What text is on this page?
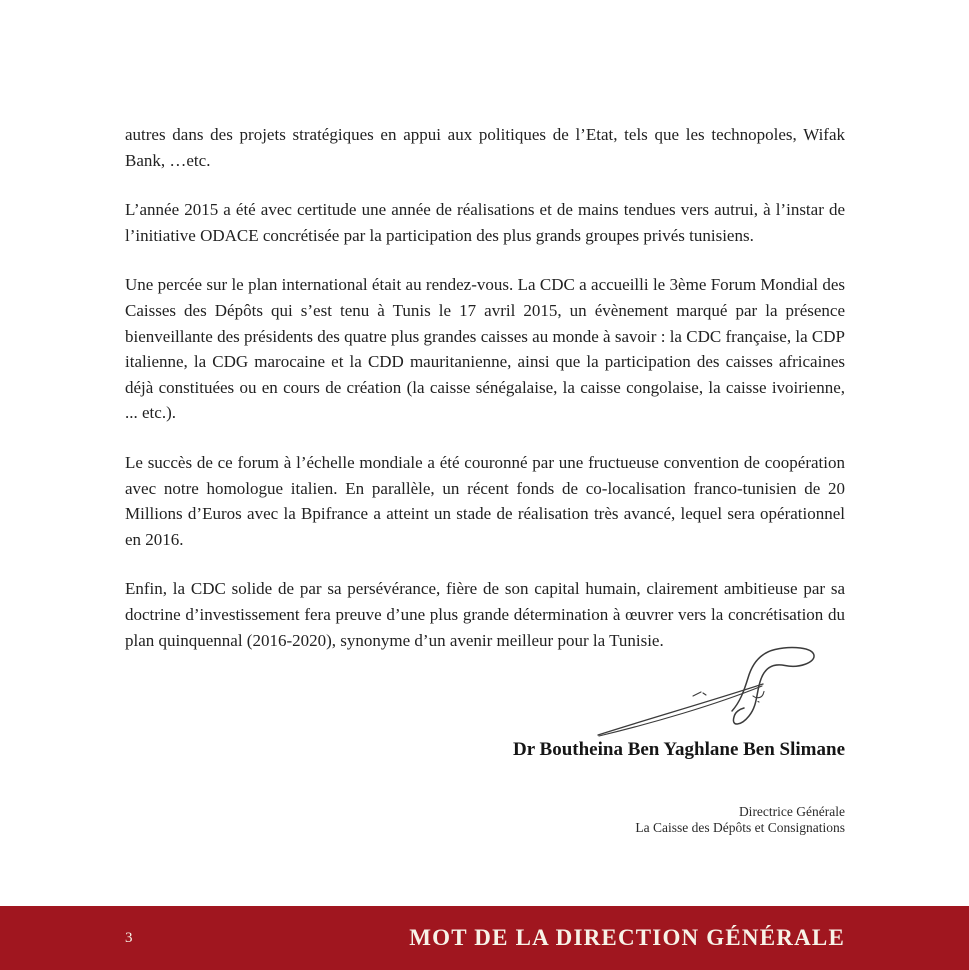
autres dans des projets stratégiques en appui aux politiques de l’Etat, tels que les technopoles, Wifak Bank, …etc.

L’année 2015 a été avec certitude une année de réalisations et de mains tendues vers autrui, à l’instar de l’initiative ODACE concrétisée par la participation des plus grands groupes privés tunisiens.

Une percée sur le plan international était au rendez-vous. La CDC a accueilli le 3ème Forum Mondial des Caisses des Dépôts qui s’est tenu à Tunis le 17 avril 2015, un évènement marqué par la présence bienveillante des présidents des quatre plus grandes caisses au monde à savoir : la CDC française, la CDP italienne, la CDG marocaine et la CDD mauritanienne, ainsi que la participation des caisses africaines déjà constituées ou en cours de création (la caisse sénégalaise, la caisse congolaise, la caisse ivoirienne, ... etc.).

Le succès de ce forum à l’échelle mondiale a été couronné par une fructueuse convention de coopération avec notre homologue italien. En parallèle, un récent fonds de co-localisation franco-tunisien de 20 Millions d’Euros avec la Bpifrance a atteint un stade de réalisation très avancé, lequel sera opérationnel en 2016.

Enfin, la CDC solide de par sa persévérance, fière de son capital humain, clairement ambitieuse par sa doctrine d’investissement fera preuve d’une plus grande détermination à œuvrer vers la concrétisation du plan quinquennal (2016-2020), synonyme d’un avenir meilleur pour la Tunisie.

Dr Boutheina Ben Yaghlane Ben Slimane
Directrice Générale
La Caisse des Dépôts et Consignations
3	MOT DE LA DIRECTION GÉNÉRALE
